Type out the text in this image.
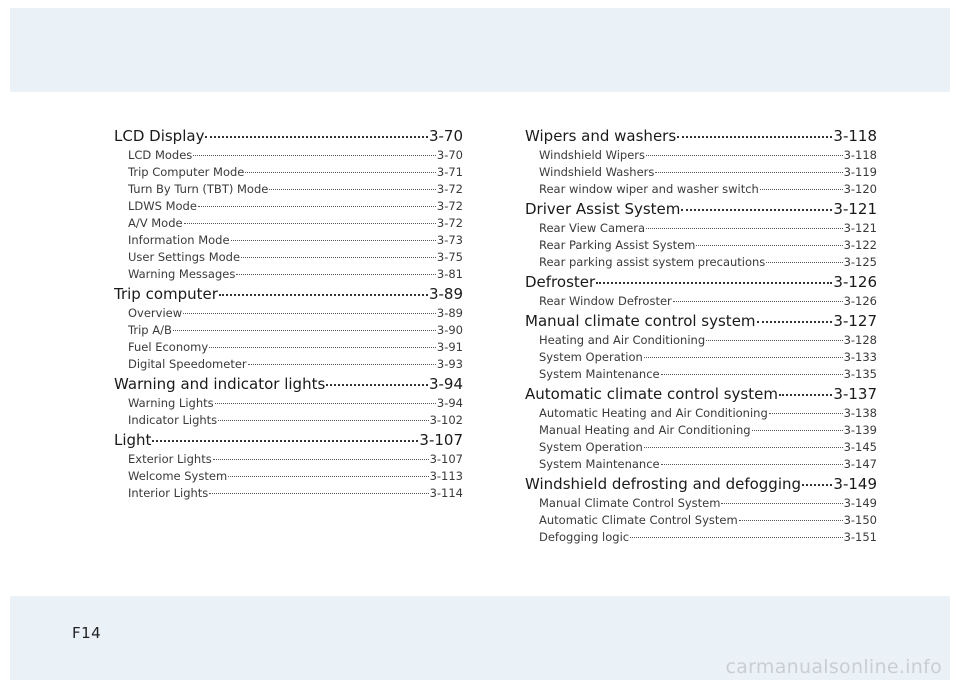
LCD Display	3-70
LCD Modes	3-70
Trip Computer Mode	3-71
Turn By Turn (TBT) Mode	3-72
LDWS Mode	3-72
A/V Mode	3-72
Information Mode	3-73
User Settings Mode	3-75
Warning Messages	3-81
Trip computer	3-89
Overview	3-89
Trip A/B	3-90
Fuel Economy	3-91
Digital Speedometer	3-93
Warning and indicator lights	3-94
Warning Lights	3-94
Indicator Lights	3-102
Light	3-107
Exterior Lights	3-107
Welcome System	3-113
Interior Lights	3-114
Wipers and washers	3-118
Windshield Wipers	3-118
Windshield Washers	3-119
Rear window wiper and washer switch	3-120
Driver Assist System	3-121
Rear View Camera	3-121
Rear Parking Assist System	3-122
Rear parking assist system precautions	3-125
Defroster	3-126
Rear Window Defroster	3-126
Manual climate control system	3-127
Heating and Air Conditioning	3-128
System Operation	3-133
System Maintenance	3-135
Automatic climate control system	3-137
Automatic Heating and Air Conditioning	3-138
Manual Heating and Air Conditioning	3-139
System Operation	3-145
System Maintenance	3-147
Windshield defrosting and defogging 3-149
Manual Climate Control System	3-149
Automatic Climate Control System	3-150
Defogging logic	3-151
F14
carmanualsonline.info
